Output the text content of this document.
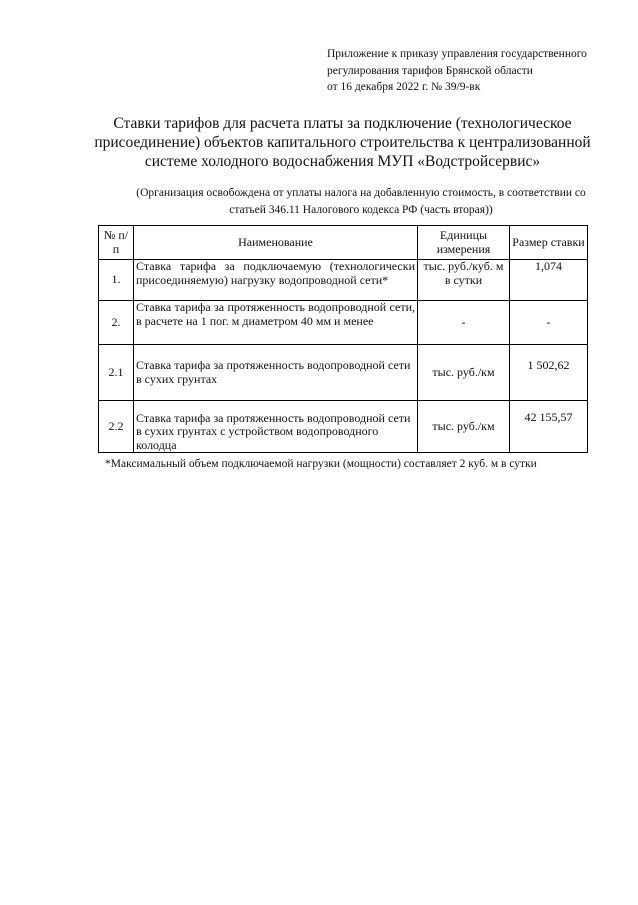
Приложение к приказу управления государственного
регулирования тарифов Брянской области
от 16 декабря 2022 г. № 39/9-вк
Ставки тарифов для расчета платы за подключение (технологическое
присоединение) объектов капитального строительства к централизованной
системе холодного водоснабжения МУП «Водстройсервис»
(Организация освобождена от уплаты налога на добавленную стоимость, в соответствии со
статьей 346.11 Налогового кодекса РФ (часть вторая))
№ п/п	Наименование	Единицы измерения	Размер ставки
1.	Ставка тарифа за подключаемую (технологически присоединяемую) нагрузку водопроводной сети*	тыс. руб./куб. м в сутки	1,074
2.	Ставка тарифа за протяженность водопроводной сети, в расчете на 1 пог. м диаметром 40 мм и менее	-	-
2.1	Ставка тарифа за протяженность водопроводной сети в сухих грунтах	тыс. руб./км	1 502,62
2.2	Ставка тарифа за протяженность водопроводной сети в сухих грунтах с устройством водопроводного колодца	тыс. руб./км	42 155,57
*Максимальный объем подключаемой нагрузки (мощности) составляет 2 куб. м в сутки
